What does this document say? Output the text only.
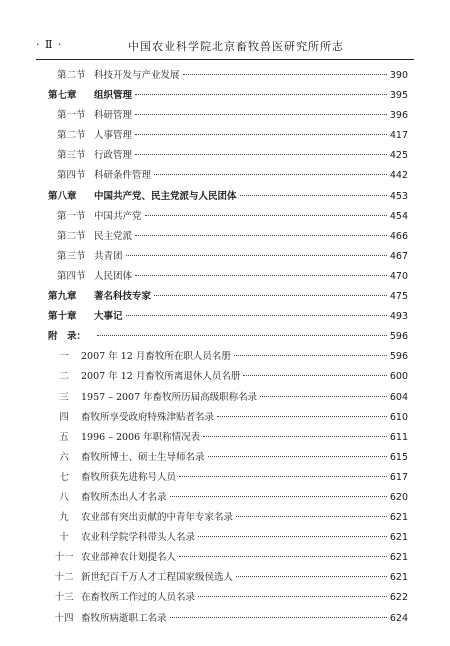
· Ⅱ ·	中国农业科学院北京畜牧兽医研究所所志
第二节 科技开发与产业发展	390
第七章	组织管理	395
第一节 科研管理	396
第二节 人事管理	417
第三节 行政管理	425
第四节 科研条件管理	442
第八章	中国共产党、民主党派与人民团体	453
第一节 中国共产党	454
第二节 民主党派	466
第三节 共青团	467
第四节 人民团体	470
第九章	著名科技专家	475
第十章	大事记	493
附　录：	596
一	2007 年 12 月畜牧所在职人员名册	596
二	2007 年 12 月畜牧所离退休人员名册	600
三	1957 – 2007 年畜牧所历届高级职称名录	604
四	畜牧所享受政府特殊津贴者名录	610
五	1996 – 2006 年职称情况表	611
六	畜牧所博士、硕士生导师名录	615
七	畜牧所获先进称号人员	617
八	畜牧所杰出人才名录	620
九	农业部有突出贡献的中青年专家名录	621
十	农业科学院学科带头人名录	621
十一 农业部神农计划提名人	621
十二 新世纪百千万人才工程国家级侯选人	621
十三 在畜牧所工作过的人员名录	622
十四 畜牧所病逝职工名录	624
